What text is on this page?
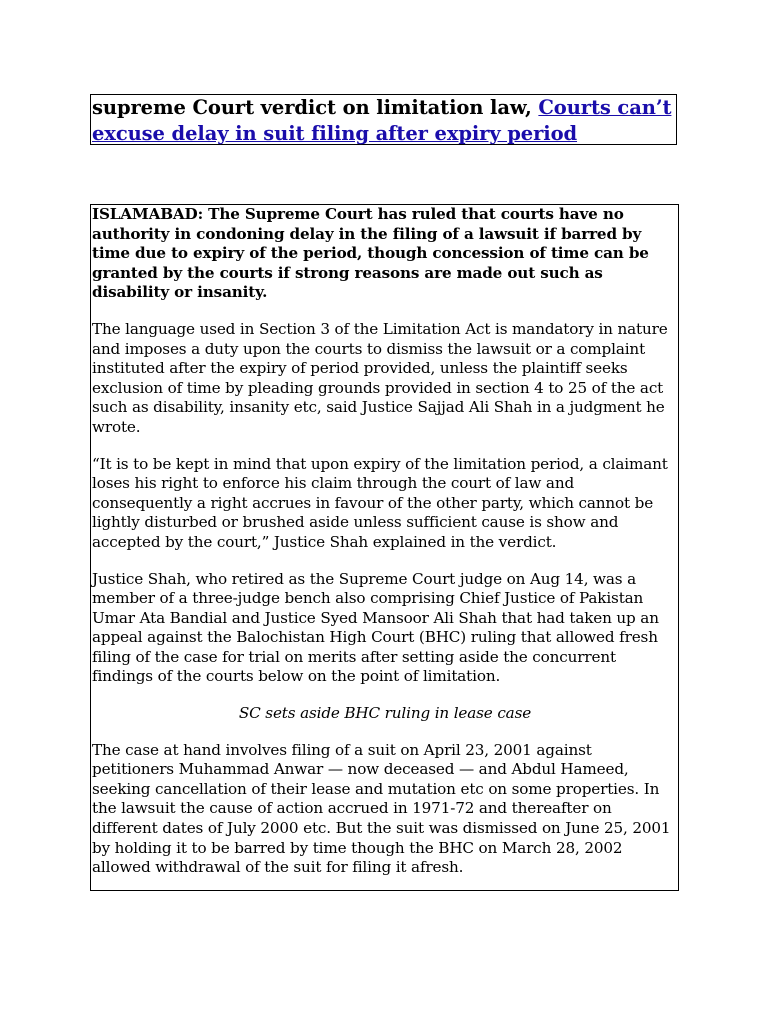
supreme Court verdict on limitation law, Courts can’t excuse delay in suit filing after expiry period

ISLAMABAD: The Supreme Court has ruled that courts have no authority in condoning delay in the filing of a lawsuit if barred by time due to expiry of the period, though concession of time can be granted by the courts if strong reasons are made out such as disability or insanity.

The language used in Section 3 of the Limitation Act is mandatory in nature and imposes a duty upon the courts to dismiss the lawsuit or a complaint instituted after the expiry of period provided, unless the plaintiff seeks exclusion of time by pleading grounds provided in section 4 to 25 of the act such as disability, insanity etc, said Justice Sajjad Ali Shah in a judgment he wrote.

“It is to be kept in mind that upon expiry of the limitation period, a claimant loses his right to enforce his claim through the court of law and consequently a right accrues in favour of the other party, which cannot be lightly disturbed or brushed aside unless sufficient cause is show and accepted by the court,” Justice Shah explained in the verdict.

Justice Shah, who retired as the Supreme Court judge on Aug 14, was a member of a three-judge bench also comprising Chief Justice of Pakistan Umar Ata Bandial and Justice Syed Mansoor Ali Shah that had taken up an appeal against the Balochistan High Court (BHC) ruling that allowed fresh filing of the case for trial on merits after setting aside the concurrent findings of the courts below on the point of limitation.

SC sets aside BHC ruling in lease case

The case at hand involves filing of a suit on April 23, 2001 against petitioners Muhammad Anwar — now deceased — and Abdul Hameed, seeking cancellation of their lease and mutation etc on some properties. In the lawsuit the cause of action accrued in 1971-72 and thereafter on different dates of July 2000 etc. But the suit was dismissed on June 25, 2001 by holding it to be barred by time though the BHC on March 28, 2002 allowed withdrawal of the suit for filing it afresh.
